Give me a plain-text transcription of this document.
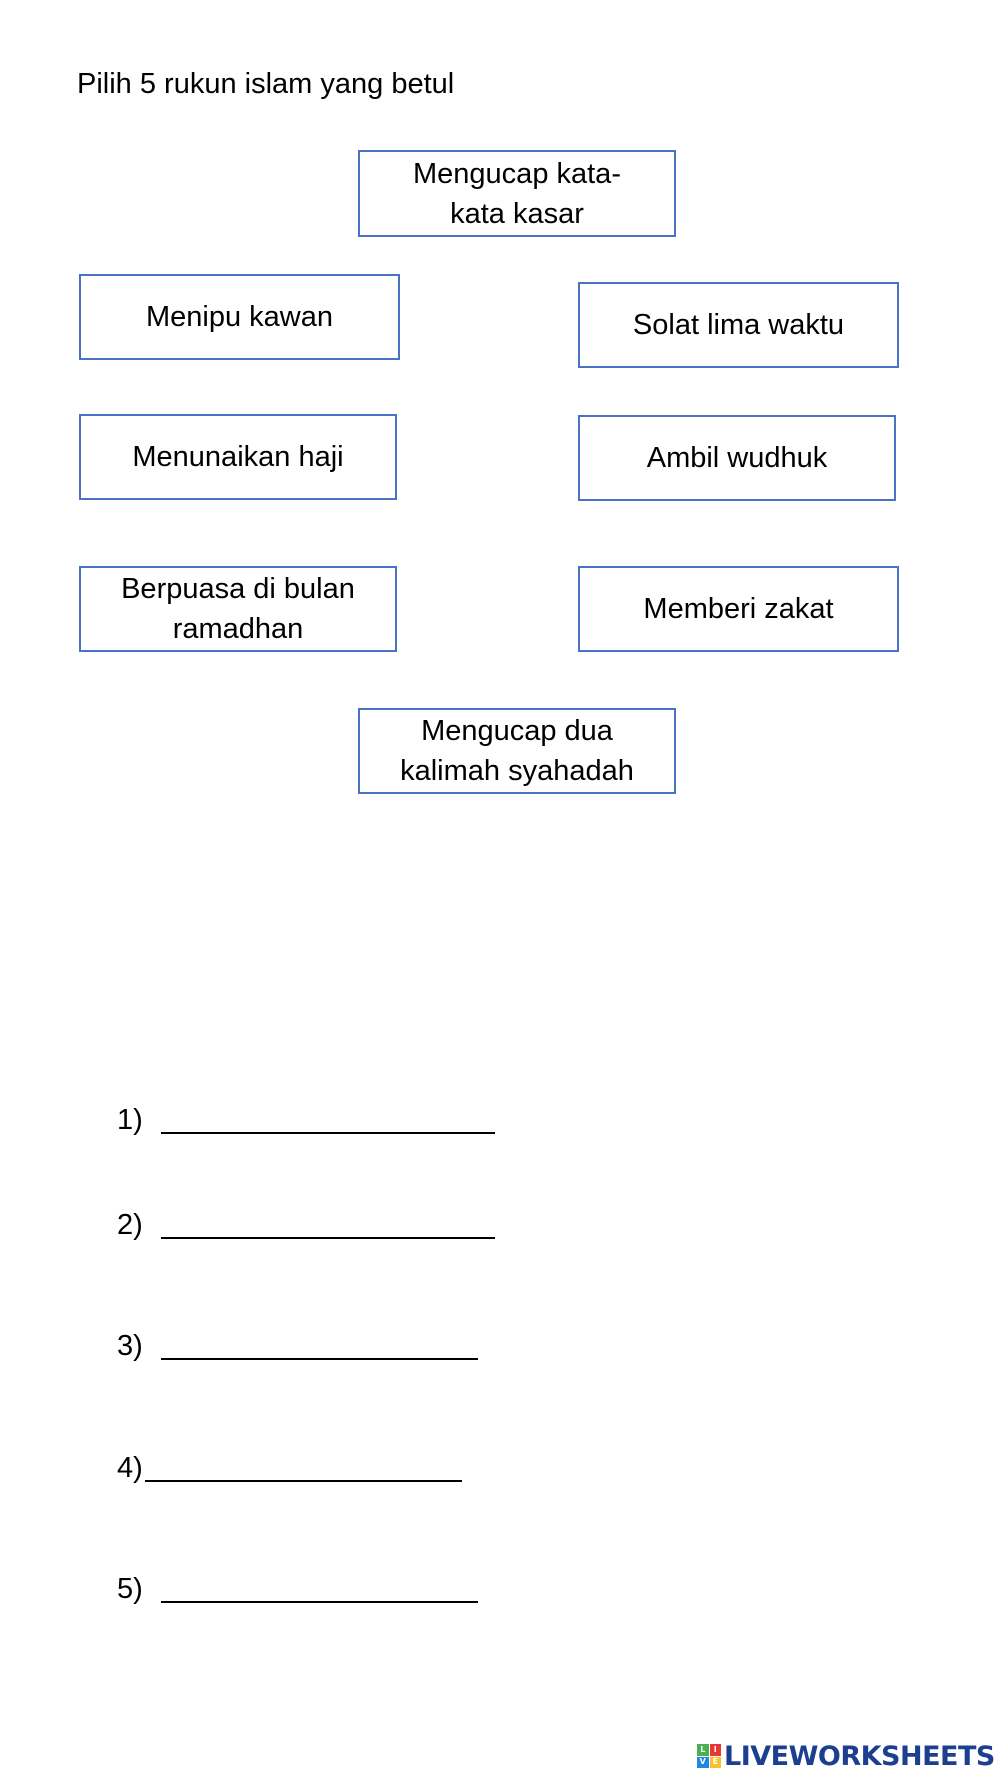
Pilih 5 rukun islam yang betul
Mengucap kata-kata kasar
Menipu kawan	Solat lima waktu
Menunaikan haji	Ambil wudhuk
Berpuasa di bulan ramadhan
Memberi zakat
Mengucap dua kalimah syahadah
1)
2)
3)
4)
5)
L	I
V E LIVEWORKSHEETS
